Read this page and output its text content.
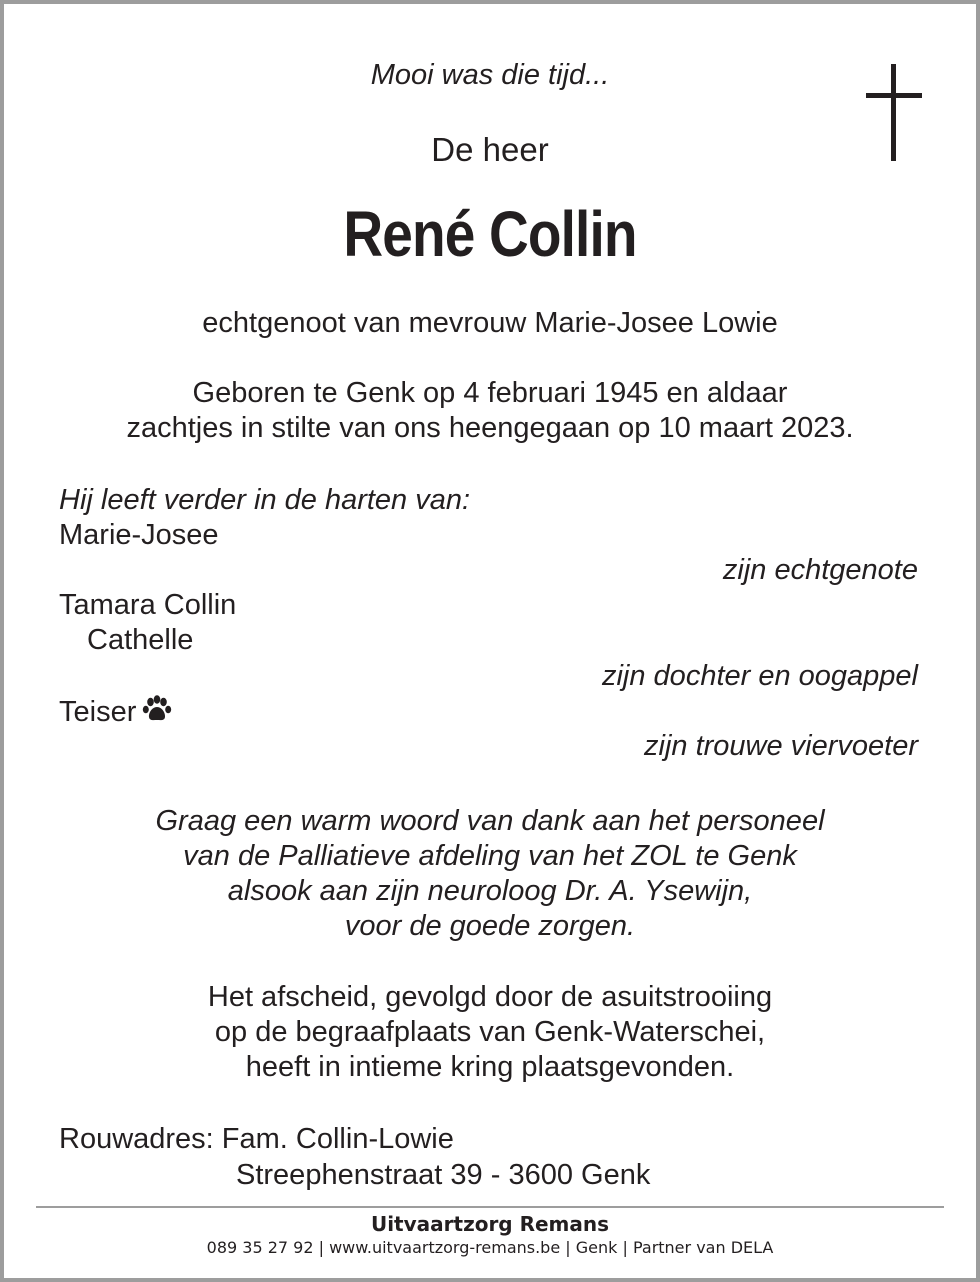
Mooi was die tijd...
De heer
René Collin
echtgenoot van mevrouw Marie-Josee Lowie
Geboren te Genk op 4 februari 1945 en aldaar
zachtjes in stilte van ons heengegaan op 10 maart 2023.
Hij leeft verder in de harten van:
Marie-Josee
zijn echtgenote
Tamara Collin
Cathelle
zijn dochter en oogappel
Teiser
zijn trouwe viervoeter
Graag een warm woord van dank aan het personeel
van de Palliatieve afdeling van het ZOL te Genk
alsook aan zijn neuroloog Dr. A. Ysewijn,
voor de goede zorgen.
Het afscheid, gevolgd door de asuitstrooiing
op de begraafplaats van Genk-Waterschei,
heeft in intieme kring plaatsgevonden.
Rouwadres: Fam. Collin-Lowie
Streephenstraat 39 - 3600 Genk
Uitvaartzorg Remans
089 35 27 92 | www.uitvaartzorg-remans.be | Genk | Partner van DELA
